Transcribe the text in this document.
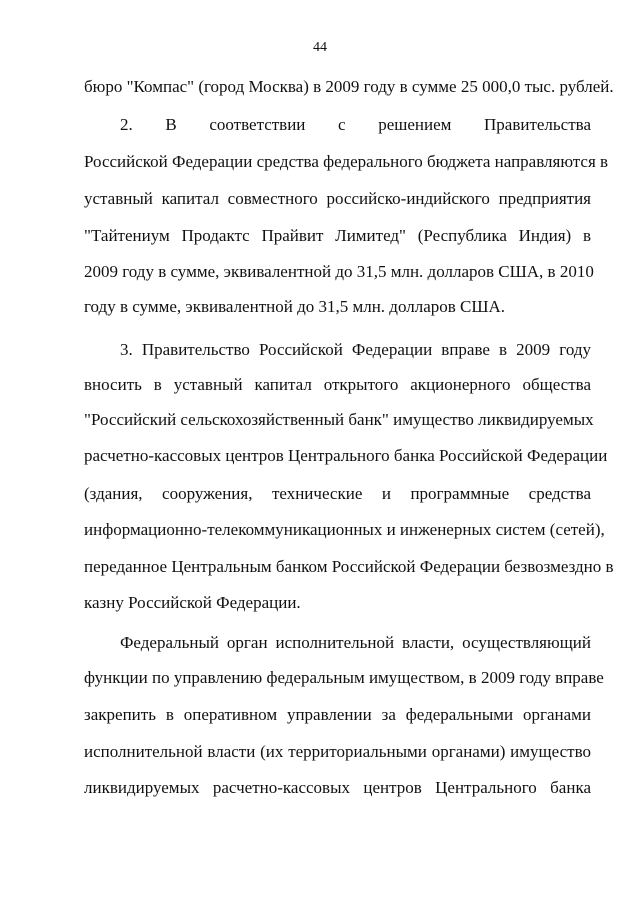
44
бюро "Компас" (город Москва) в 2009 году в сумме 25 000,0 тыс. рублей.
2. В соответствии с решением Правительства
Российской Федерации средства федерального бюджета направляются в
уставный капитал совместного российско-индийского предприятия
"Тайтениум Продактс Прайвит Лимитед" (Республика Индия) в
2009 году в сумме, эквивалентной до 31,5 млн. долларов США, в 2010
году в сумме, эквивалентной до 31,5 млн. долларов США.
3. Правительство Российской Федерации вправе в 2009 году
вносить в уставный капитал открытого акционерного общества
"Российский сельскохозяйственный банк" имущество ликвидируемых
расчетно-кассовых центров Центрального банка Российской Федерации
(здания, сооружения, технические и программные средства
информационно-телекоммуникационных и инженерных систем (сетей),
переданное Центральным банком Российской Федерации безвозмездно в
казну Российской Федерации.
Федеральный орган исполнительной власти, осуществляющий
функции по управлению федеральным имуществом, в 2009 году вправе
закрепить в оперативном управлении за федеральными органами
исполнительной власти (их территориальными органами) имущество
ликвидируемых расчетно-кассовых центров Центрального банка
